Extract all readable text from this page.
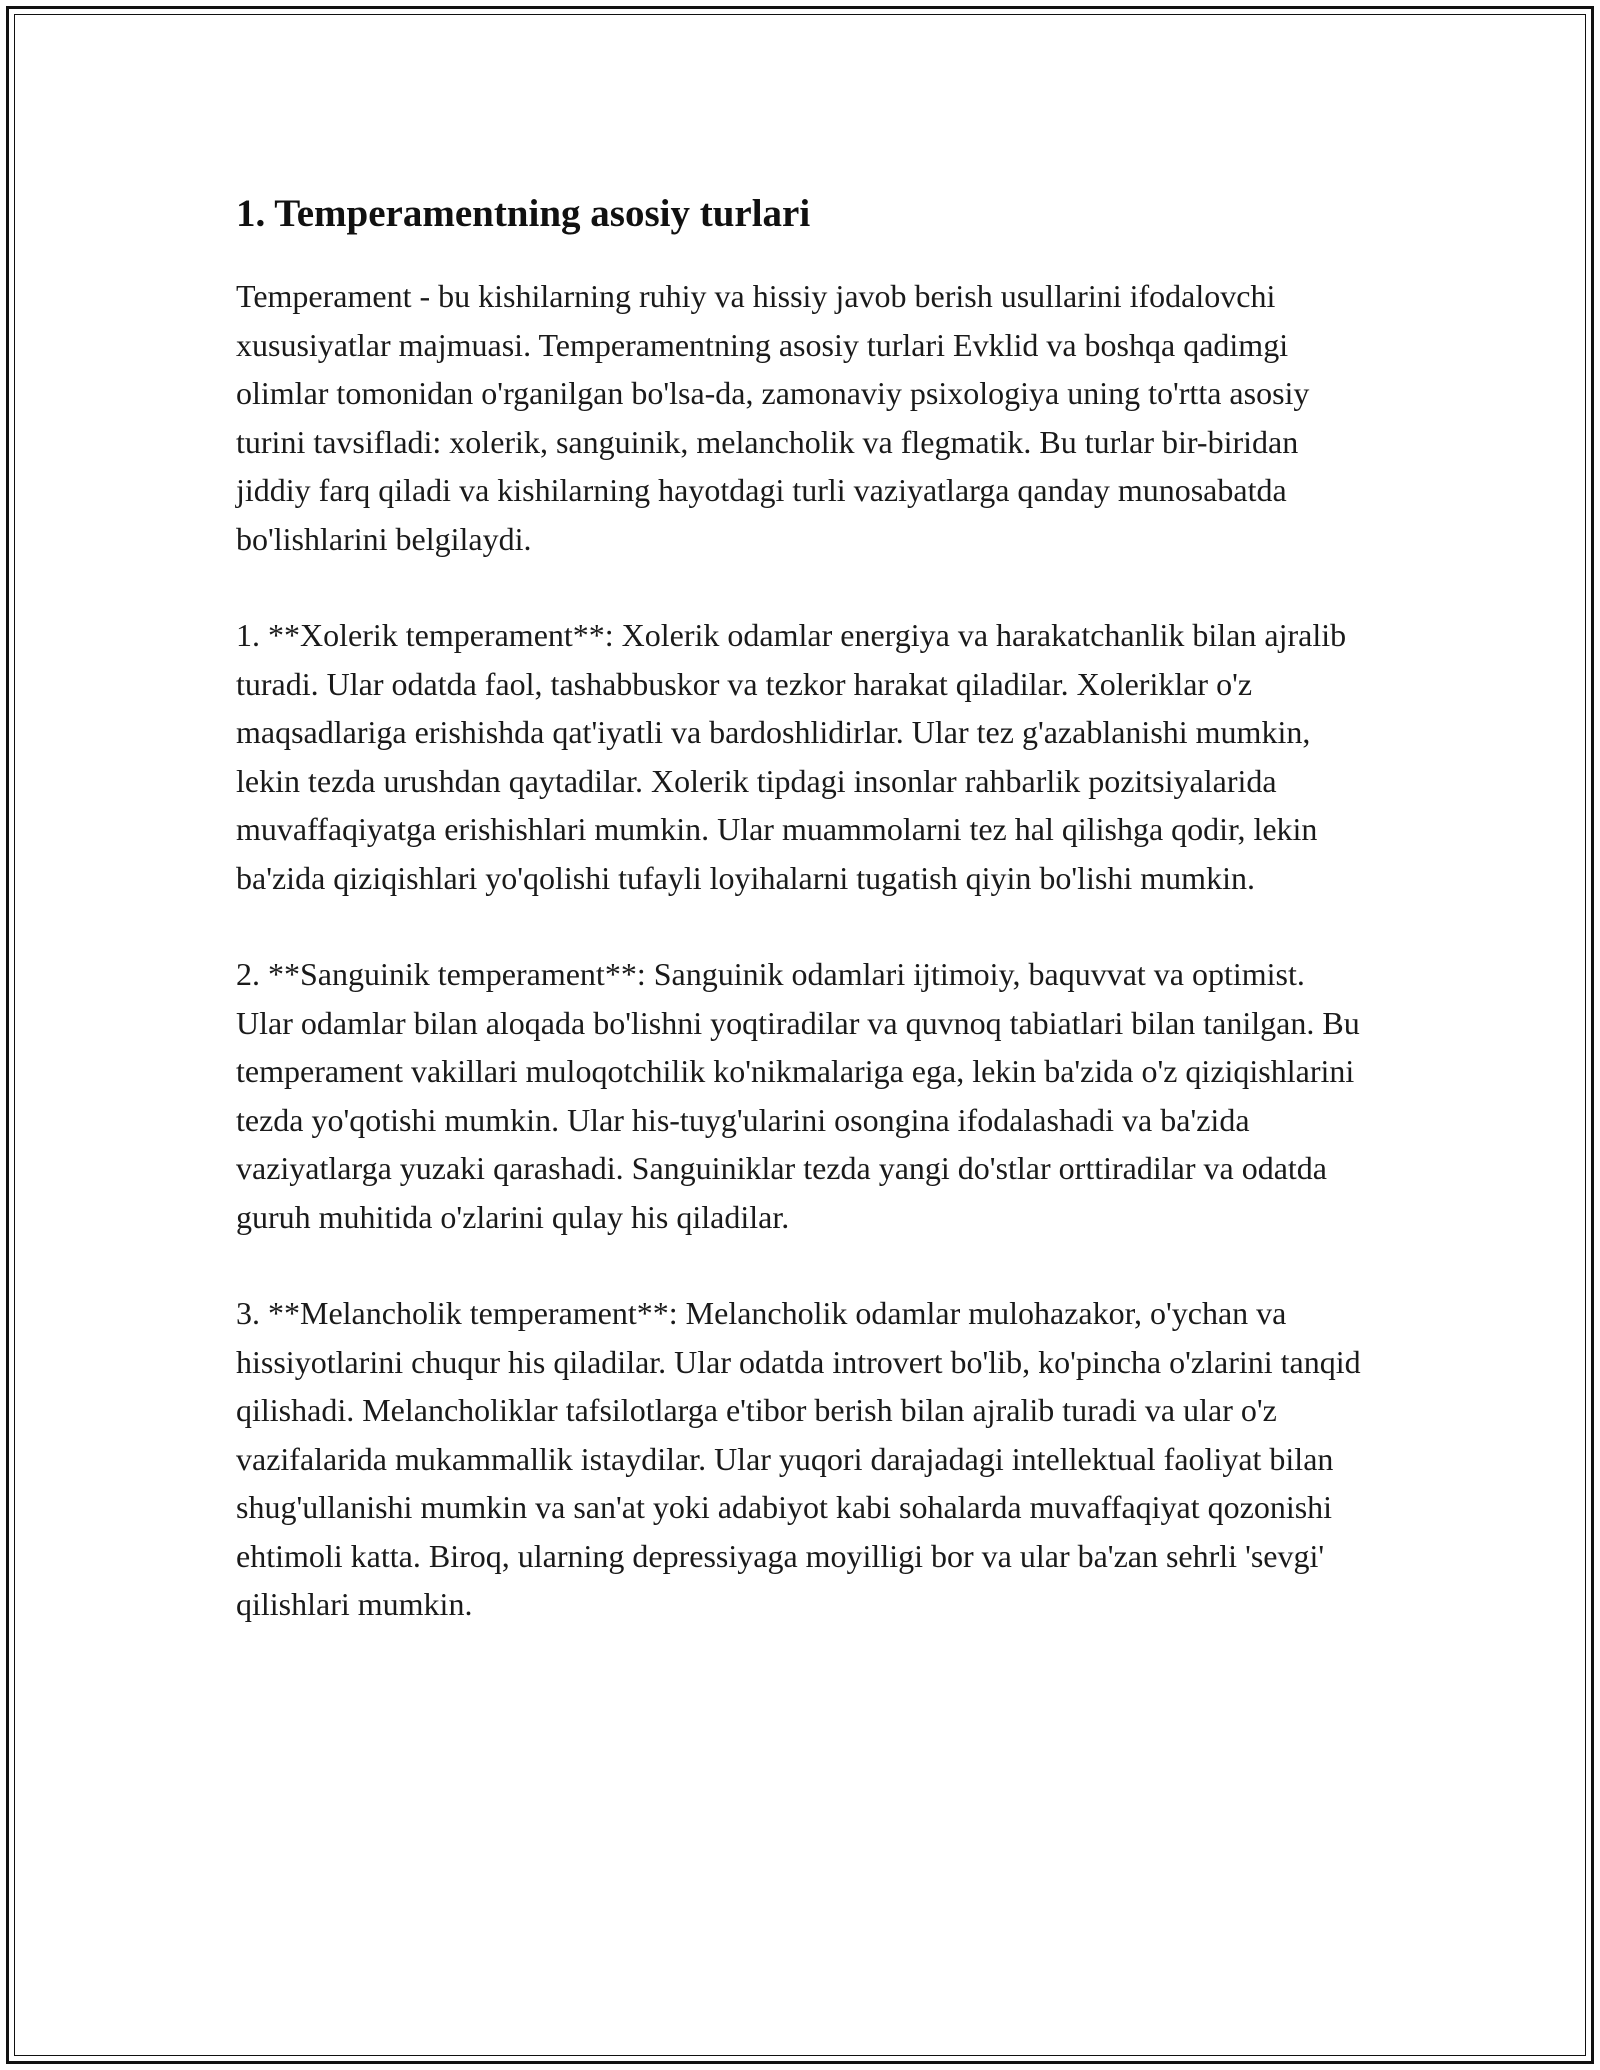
1. Temperamentning asosiy turlari

Temperament - bu kishilarning ruhiy va hissiy javob berish usullarini ifodalovchi xususiyatlar majmuasi. Temperamentning asosiy turlari Evklid va boshqa qadimgi olimlar tomonidan o'rganilgan bo'lsa-da, zamonaviy psixologiya uning to'rtta asosiy turini tavsifladi: xolerik, sanguinik, melancholik va flegmatik. Bu turlar bir-biridan jiddiy farq qiladi va kishilarning hayotdagi turli vaziyatlarga qanday munosabatda bo'lishlarini belgilaydi.

1. **Xolerik temperament**: Xolerik odamlar energiya va harakatchanlik bilan ajralib turadi. Ular odatda faol, tashabbuskor va tezkor harakat qiladilar. Xoleriklar o'z maqsadlariga erishishda qat'iyatli va bardoshlidirlar. Ular tez g'azablanishi mumkin, lekin tezda urushdan qaytadilar. Xolerik tipdagi insonlar rahbarlik pozitsiyalarida muvaffaqiyatga erishishlari mumkin. Ular muammolarni tez hal qilishga qodir, lekin ba'zida qiziqishlari yo'qolishi tufayli loyihalarni tugatish qiyin bo'lishi mumkin.

2. **Sanguinik temperament**: Sanguinik odamlari ijtimoiy, baquvvat va optimist. Ular odamlar bilan aloqada bo'lishni yoqtiradilar va quvnoq tabiatlari bilan tanilgan. Bu temperament vakillari muloqotchilik ko'nikmalariga ega, lekin ba'zida o'z qiziqishlarini tezda yo'qotishi mumkin. Ular his-tuyg'ularini osongina ifodalashadi va ba'zida vaziyatlarga yuzaki qarashadi. Sanguiniklar tezda yangi do'stlar orttiradilar va odatda guruh muhitida o'zlarini qulay his qiladilar.

3. **Melancholik temperament**: Melancholik odamlar mulohazakor, o'ychan va hissiyotlarini chuqur his qiladilar. Ular odatda introvert bo'lib, ko'pincha o'zlarini tanqid qilishadi. Melancholiklar tafsilotlarga e'tibor berish bilan ajralib turadi va ular o'z vazifalarida mukammallik istaydilar. Ular yuqori darajadagi intellektual faoliyat bilan shug'ullanishi mumkin va san'at yoki adabiyot kabi sohalarda muvaffaqiyat qozonishi ehtimoli katta. Biroq, ularning depressiyaga moyilligi bor va ular ba'zan sehrli 'sevgi' qilishlari mumkin.
